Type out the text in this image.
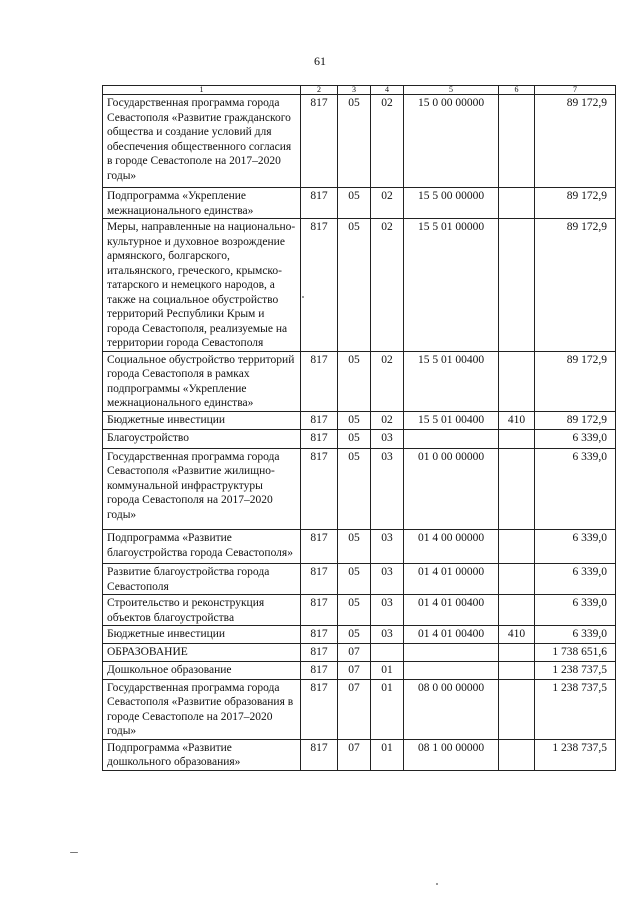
61
1	2	3	4	5	6	7
Государственная программа города Севастополя «Развитие гражданского общества и создание условий для обеспечения общественного согласия в городе Севастополе на 2017–2020 годы»	817	05	02	15 0 00 00000		89 172,9
Подпрограмма «Укрепление межнационального единства»	817	05	02	15 5 00 00000		89 172,9
Меры, направленные на национально-культурное и духовное возрождение армянского, болгарского, итальянского, греческого, крымско-татарского и немецкого народов, а также на социальное обустройство территорий Республики Крым и города Севастополя, реализуемые на территории города Севастополя	817	05	02	15 5 01 00000		89 172,9
Социальное обустройство территорий города Севастополя в рамках подпрограммы «Укрепление межнационального единства»	817	05	02	15 5 01 00400		89 172,9
Бюджетные инвестиции	817	05	02	15 5 01 00400	410	89 172,9
Благоустройство	817	05	03			6 339,0
Государственная программа города Севастополя «Развитие жилищно-коммунальной инфраструктуры города Севастополя на 2017–2020 годы»	817	05	03	01 0 00 00000		6 339,0
Подпрограмма «Развитие благоустройства города Севастополя»	817	05	03	01 4 00 00000		6 339,0
Развитие благоустройства города Севастополя	817	05	03	01 4 01 00000		6 339,0
Строительство и реконструкция объектов благоустройства	817	05	03	01 4 01 00400		6 339,0
Бюджетные инвестиции	817	05	03	01 4 01 00400	410	6 339,0
ОБРАЗОВАНИЕ	817	07				1 738 651,6
Дошкольное образование	817	07	01			1 238 737,5
Государственная программа города Севастополя «Развитие образования в городе Севастополе на 2017–2020 годы»	817	07	01	08 0 00 00000		1 238 737,5
Подпрограмма «Развитие дошкольного образования»	817	07	01	08 1 00 00000		1 238 737,5
